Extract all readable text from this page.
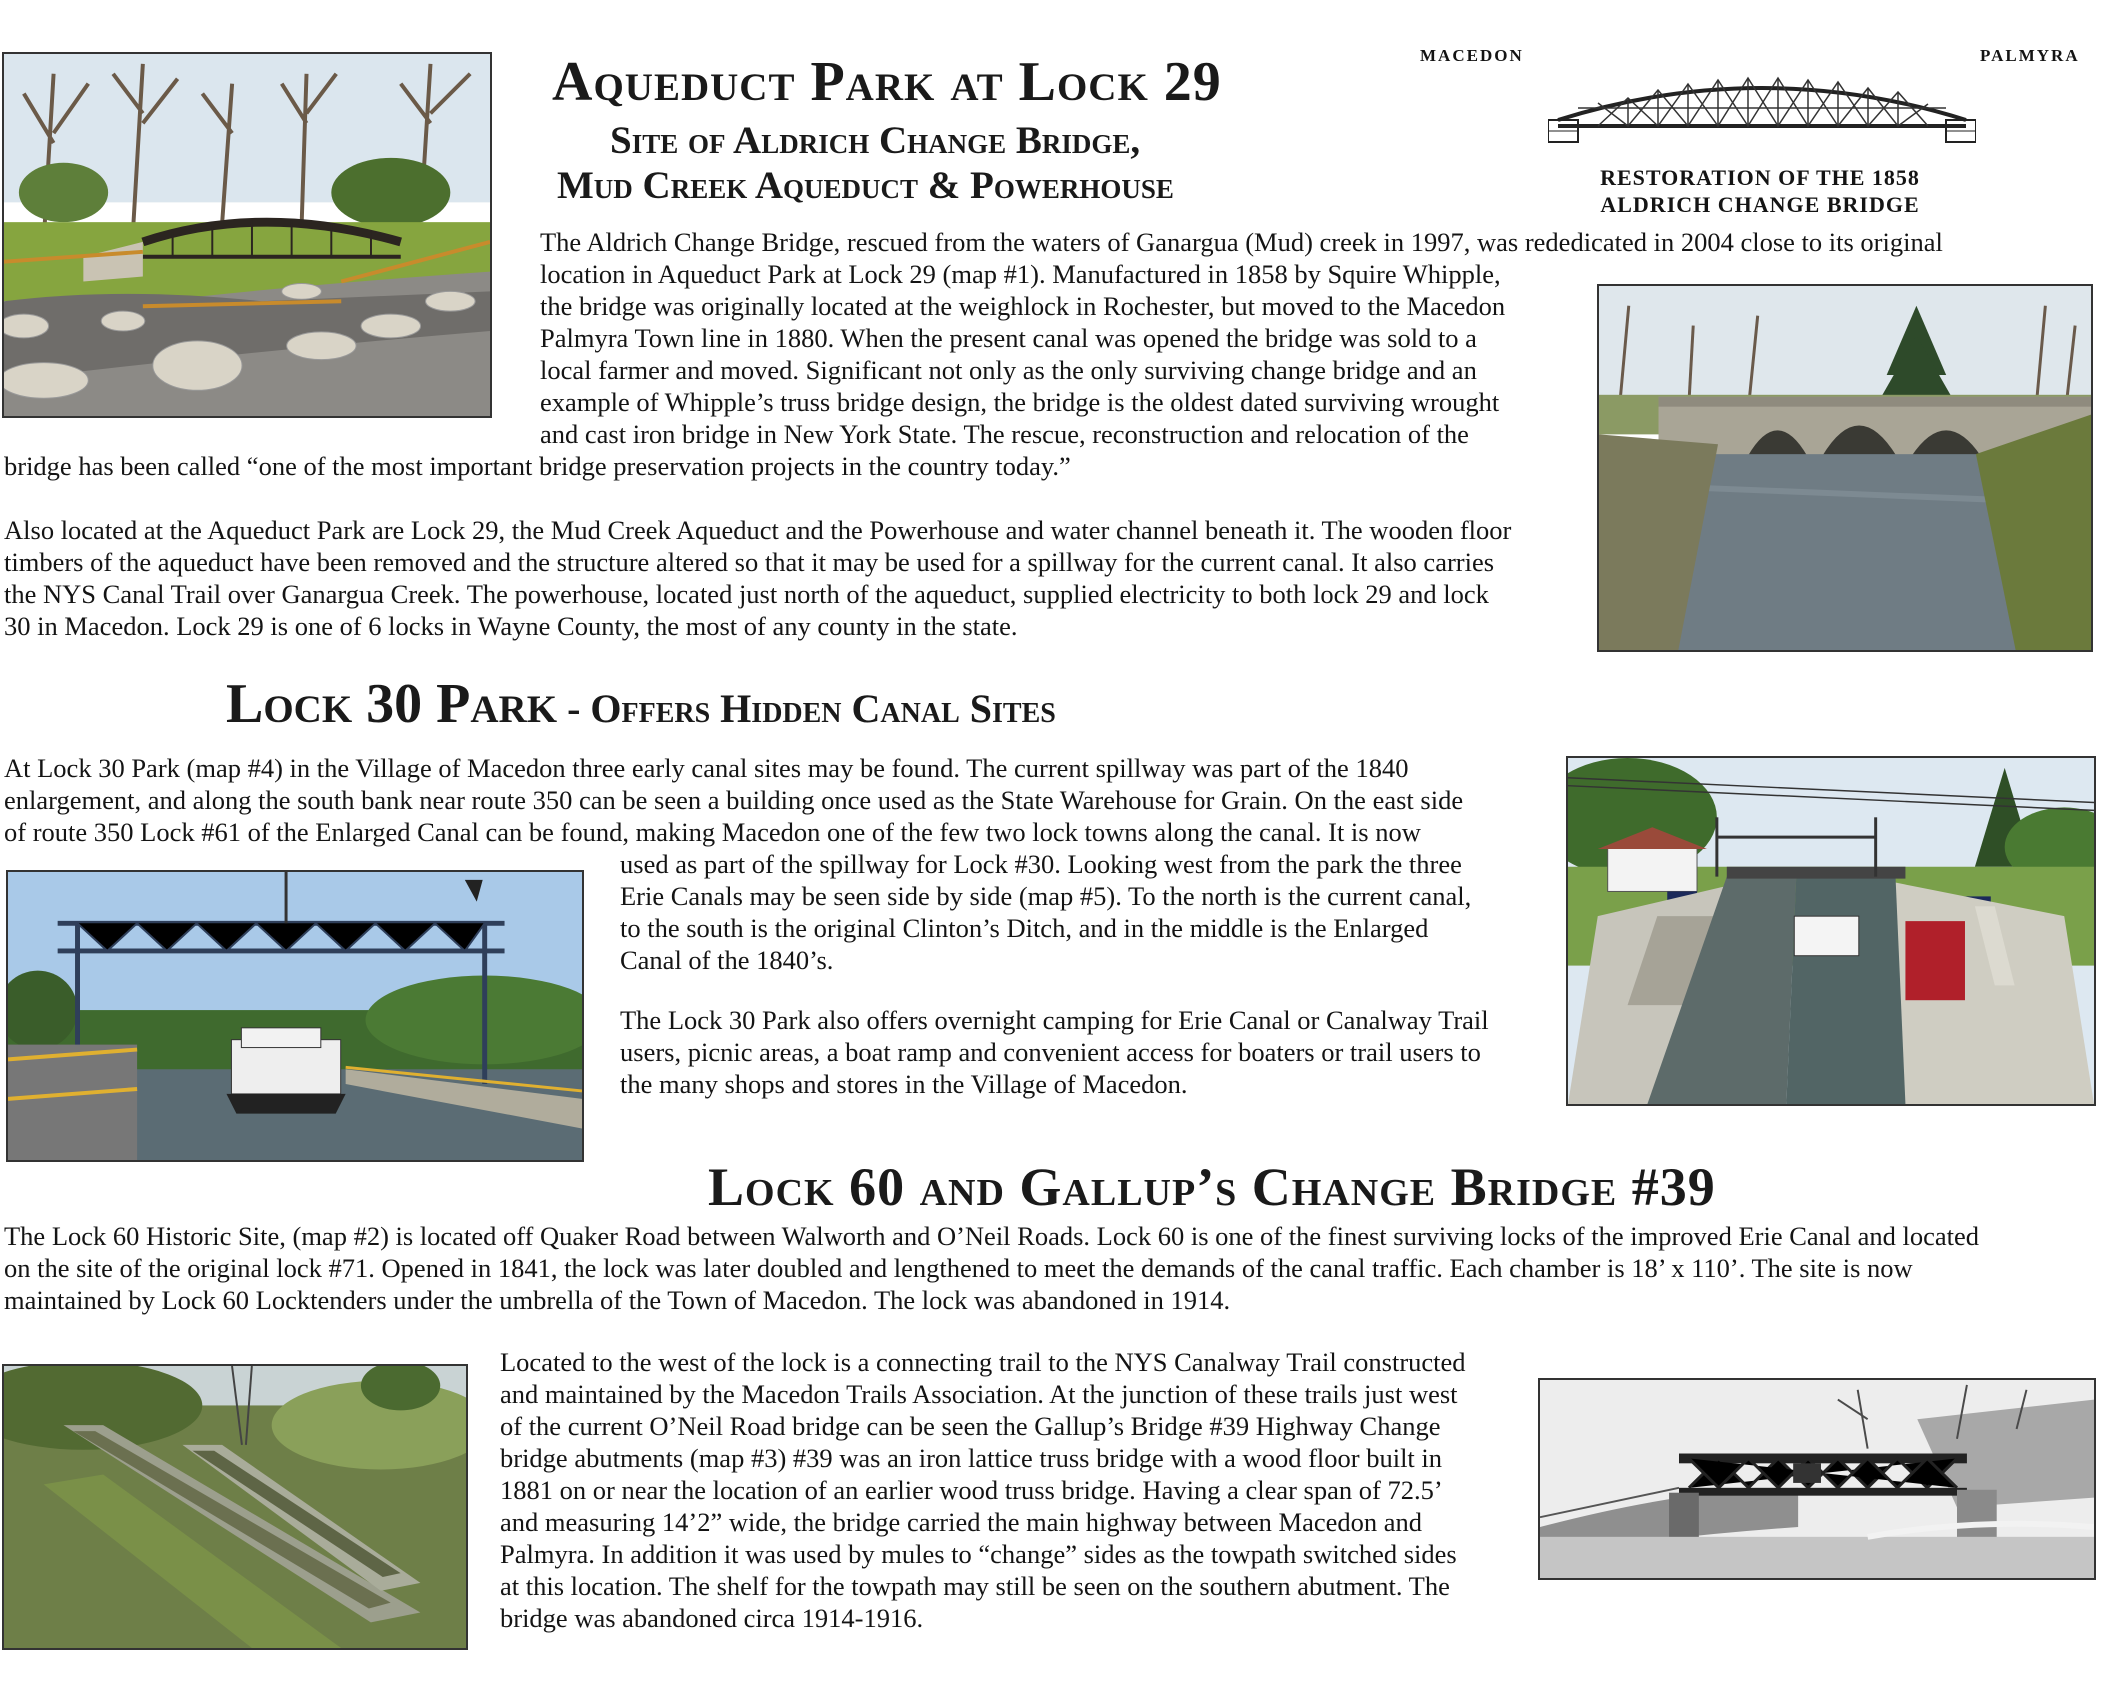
Aqueduct Park at Lock 29
Site of Aldrich Change Bridge,
Mud Creek Aqueduct & Powerhouse
MACEDON	PALMYRA
RESTORATION OF THE 1858
ALDRICH CHANGE BRIDGE

The Aldrich Change Bridge, rescued from the waters of Ganargua (Mud) creek in 1997, was rededicated in 2004 close to its original

location in Aqueduct Park at Lock 29 (map #1). Manufactured in 1858 by Squire Whipple,

the bridge was originally located at the weighlock in Rochester, but moved to the Macedon

Palmyra Town line in 1880. When the present canal was opened the bridge was sold to a

local farmer and moved. Significant not only as the only surviving change bridge and an

example of Whipple’s truss bridge design, the bridge is the oldest dated surviving wrought

and cast iron bridge in New York State. The rescue, reconstruction and relocation of the

bridge has been called “one of the most important bridge preservation projects in the country today.”

Also located at the Aqueduct Park are Lock 29, the Mud Creek Aqueduct and the Powerhouse and water channel beneath it. The wooden floor

timbers of the aqueduct have been removed and the structure altered so that it may be used for a spillway for the current canal. It also carries

the NYS Canal Trail over Ganargua Creek. The powerhouse, located just north of the aqueduct, supplied electricity to both lock 29 and lock

30 in Macedon. Lock 29 is one of 6 locks in Wayne County, the most of any county in the state.

Lock 30 Park - Offers Hidden Canal Sites

At Lock 30 Park (map #4) in the Village of Macedon three early canal sites may be found. The current spillway was part of the 1840

enlargement, and along the south bank near route 350 can be seen a building once used as the State Warehouse for Grain. On the east side

of route 350 Lock #61 of the Enlarged Canal can be found, making Macedon one of the few two lock towns along the canal. It is now

used as part of the spillway for Lock #30. Looking west from the park the three

Erie Canals may be seen side by side (map #5). To the north is the current canal,

to the south is the original Clinton’s Ditch, and in the middle is the Enlarged

Canal of the 1840’s.

The Lock 30 Park also offers overnight camping for Erie Canal or Canalway Trail

users, picnic areas, a boat ramp and convenient access for boaters or trail users to

the many shops and stores in the Village of Macedon.

Lock 60 and Gallup’s Change Bridge #39

The Lock 60 Historic Site, (map #2) is located off Quaker Road between Walworth and O’Neil Roads. Lock 60 is one of the finest surviving locks of the improved Erie Canal and located

on the site of the original lock #71. Opened in 1841, the lock was later doubled and lengthened to meet the demands of the canal traffic. Each chamber is 18’ x 110’. The site is now

maintained by Lock 60 Locktenders under the umbrella of the Town of Macedon. The lock was abandoned in 1914.

Located to the west of the lock is a connecting trail to the NYS Canalway Trail constructed

and maintained by the Macedon Trails Association. At the junction of these trails just west

of the current O’Neil Road bridge can be seen the Gallup’s Bridge #39 Highway Change

bridge abutments (map #3) #39 was an iron lattice truss bridge with a wood floor built in

1881 on or near the location of an earlier wood truss bridge. Having a clear span of 72.5’

and measuring 14’2” wide, the bridge carried the main highway between Macedon and

Palmyra. In addition it was used by mules to “change” sides as the towpath switched sides

at this location. The shelf for the towpath may still be seen on the southern abutment. The

bridge was abandoned circa 1914-1916.
